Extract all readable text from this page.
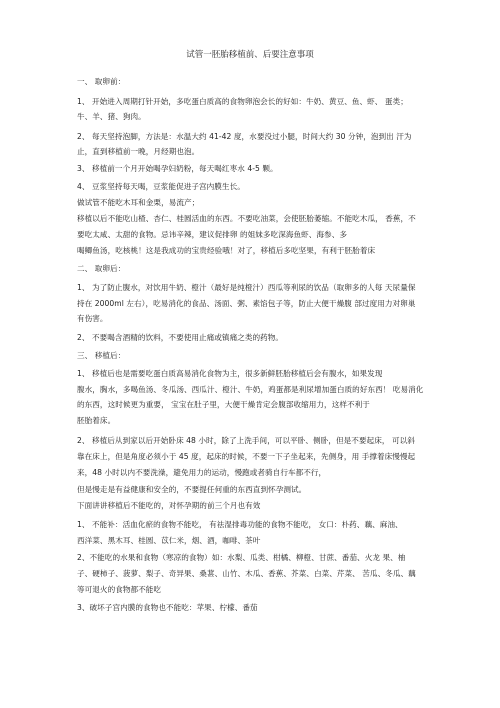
试管一胚胎移植前、后要注意事项
一、 取卵前：
1、 开始进入周期打针开始，多吃蛋白质高的食物卵泡会长的好如：牛奶、黄豆、鱼、虾、 蛋类；
牛、羊、猪、狗肉。
2、 每天坚持泡脚，方法是：水温大约 41-42 度，水要没过小腿，时间大约 30 分钟，泡到出 汗为
止，直到移植前一晚，月经期也泡。
3、 移植前一个月开始喝孕妇奶粉，每天喝红枣水 4-5 颗。
4、 豆浆坚持每天喝，豆浆能促进子宫内膜生长。
做试管不能吃木耳和金栗，易流产；
移植以后不能吃山楂、杏仁、桂圆活血的东西。不要吃油菜，会使胚胎萎缩。不能吃木瓜， 香蕉，不
要吃太咸、太甜的食物。忌讳辛辣，建议促排卵 的姐妹多吃深海鱼虾、海参、多
喝鲫鱼汤，吃核桃！这是我成功的宝贵经验哦！对了，移植后多吃坚果，有利于胚胎着床
二、 取卵后：
1、 为了防止腹水，对饮用牛奶、橙汁（最好是纯橙汁）西瓜等利尿的饮品（取卵多的人每 天尿量保
持在 2000ml 左右），吃易消化的食品、汤面、粥、素馅包子等，防止大便干燥腹 部过度用力对卵巢
有伤害。
2、 不要喝含酒精的饮料，不要使用止痛或镇痛之类的药物。
三、 移植后：
1、 移植后也是需要吃蛋白质高易消化食物为主，很多新鲜胚胎移植后会有腹水，如果发现
腹水，胸水，多喝鱼汤、冬瓜汤、西瓜汁、橙汁、牛奶，鸡蛋都是利尿增加蛋白质的好东西！ 吃易消化
的东西，这时候更为重要， 宝宝在肚子里，大便干燥肯定会腹部收缩用力，这样不利于
胚胎着床。
2、 移植后从到家以后开始卧床 48 小时，除了上洗手间，可以平卧、侧卧，但是不要起床， 可以斜
靠在床上，但是角度必须小于 45 度，起床的时候，不要一下子坐起来，先侧身，用 手撑着床慢慢起
来，48 小时以内不要洗澡，避免用力的运动，慢跑或者骑自行车都不行，
但是慢走是有益健康和安全的，不要提任何重的东西直到怀孕测试。
下面讲讲移植后不能吃的，对怀孕期的前三个月也有效
1、 不能补：活血化瘀的食物不能吃， 有祛湿排毒功能的食物不能吃， 女口：朴药、藕、麻油、
西洋菜、黑木耳、桂圆、苡仁米，烟、酒，咖啡、茶叶
2、不能吃的水果和食物（寒凉的食物）如：水梨、瓜类、柑橘、柳橙、甘蔗、番茄、火龙 果、柚
子、硬柿子、菠萝、梨子、奇异果、桑葚、山竹、木瓜、香蕉、芥菜、白菜、芹菜、 苦瓜、冬瓜、藕
等可退火的食物都不能吃
3、破坏子宫内膜的食物也不能吃：苹果、柠檬、番茄
